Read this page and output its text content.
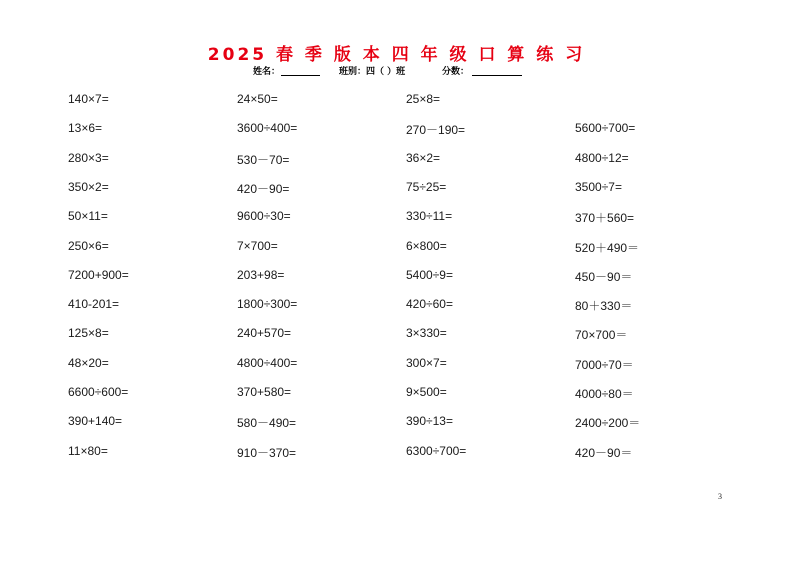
2025 春 季 版 本 四 年 级 口 算 练 习
姓名：	班别：四（ ）班	分数：
140×7=	24×50=	25×8=
13×6=	3600÷400=	270－190=	5600÷700=
280×3=	530－70=	36×2=	4800÷12=
350×2=	420－90=	75÷25=	3500÷7=
50×11=	9600÷30=	330÷11=	370＋560=
250×6=	7×700=	6×800=	520＋490＝
7200+900=	203+98=	5400÷9=	450－90＝
410-201=	1800÷300=	420÷60=	80＋330＝
125×8=	240+570=	3×330=	70×700＝
48×20=	4800÷400=	300×7=	7000÷70＝
6600÷600=	370+580=	9×500=	4000÷80＝
390+140=	580－490=	390÷13=	2400÷200＝
11×80=	910－370=	6300÷700=	420－90＝
3
